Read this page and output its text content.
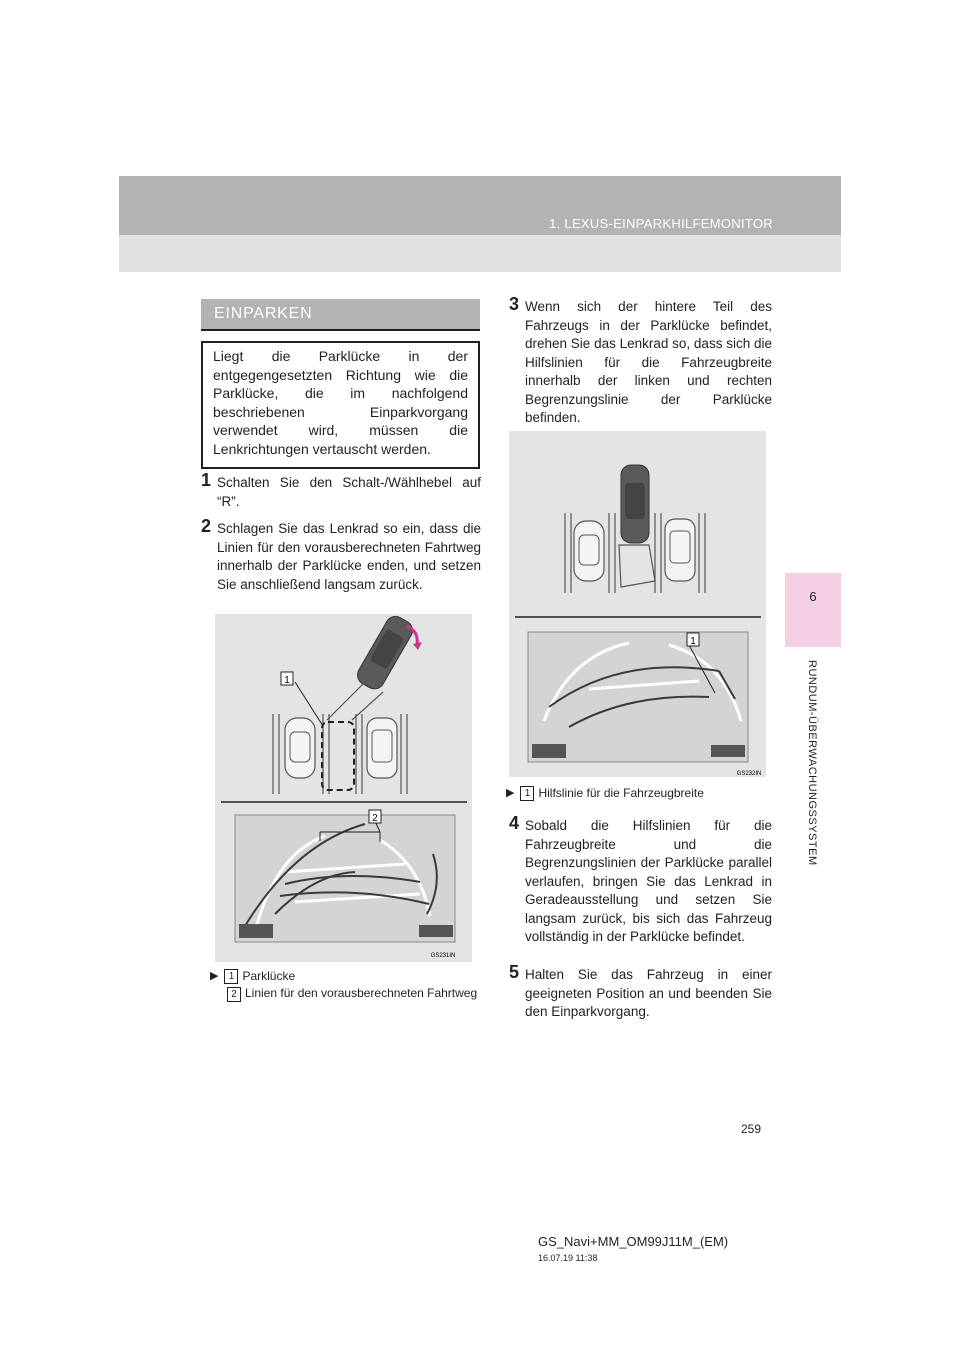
1. LEXUS-EINPARKHILFEMONITOR
6
RUNDUM-ÜBERWACHUNGSSYSTEM
EINPARKEN

Liegt die Parklücke in der entgegengesetzten Richtung wie die Parklücke, die im nachfolgend beschriebenen Einparkvorgang verwendet wird, müssen die Lenkrichtungen vertauscht werden.

1 Schalten Sie den Schalt-/Wählhebel auf “R”.
2 Schlagen Sie das Lenkrad so ein, dass die Linien für den vorausberechneten Fahrtweg innerhalb der Parklücke enden, und setzen Sie anschließend langsam zurück.
1
2
GS231IN
▶ 1 Parklücke
2 Linien für den vorausberechneten Fahrtweg
3 Wenn sich der hintere Teil des Fahrzeugs in der Parklücke befindet, drehen Sie das Lenkrad so, dass sich die Hilfslinien für die Fahrzeugbreite innerhalb der linken und rechten Begrenzungslinie der Parklücke befinden.
1
GS232IN
▶ 1 Hilfslinie für die Fahrzeugbreite
4 Sobald die Hilfslinien für die Fahrzeugbreite und die Begrenzungslinien der Parklücke parallel verlaufen, bringen Sie das Lenkrad in Geradeausstellung und setzen Sie langsam zurück, bis sich das Fahrzeug vollständig in der Parklücke befindet.
5 Halten Sie das Fahrzeug in einer geeigneten Position an und beenden Sie den Einparkvorgang.
259
GS_Navi+MM_OM99J11M_(EM)
16.07.19 11:38
